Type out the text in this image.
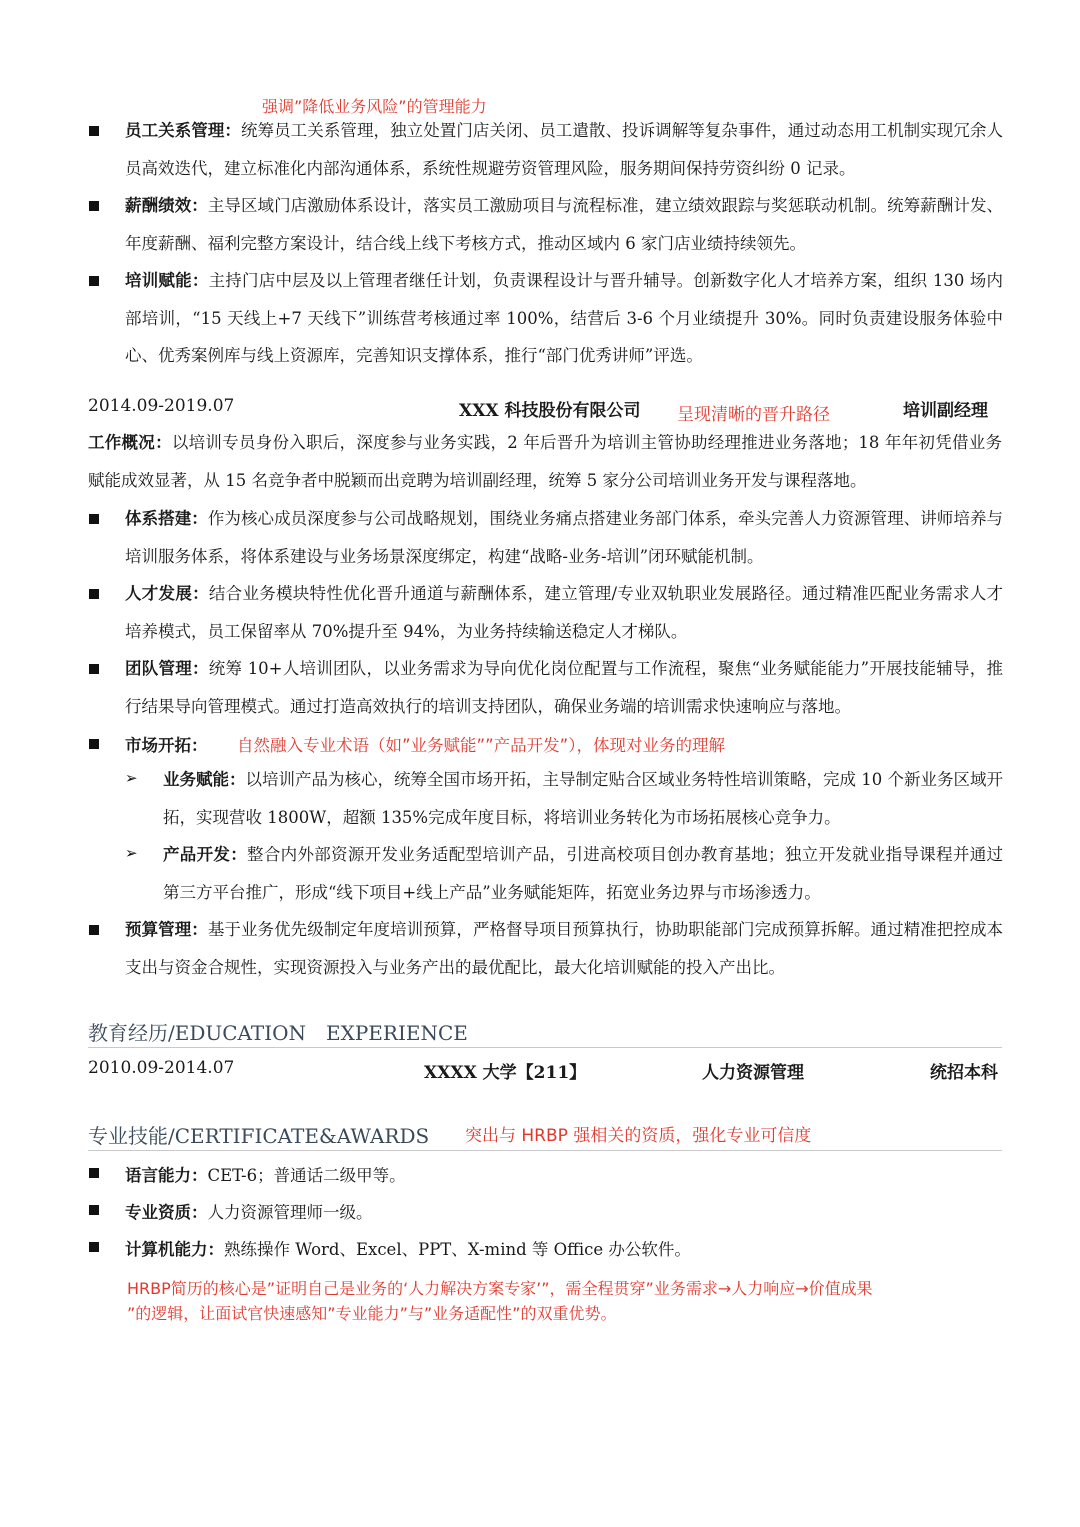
强调”降低业务风险”的管理能力
员工关系管理：统筹员工关系管理，独立处置门店关闭、员工遣散、投诉调解等复杂事件，通过动态用工机制实现冗余人员高效迭代，建立标准化内部沟通体系，系统性规避劳资管理风险，服务期间保持劳资纠纷 0 记录。
薪酬绩效：主导区域门店激励体系设计，落实员工激励项目与流程标准，建立绩效跟踪与奖惩联动机制。统筹薪酬计发、年度薪酬、福利完整方案设计，结合线上线下考核方式，推动区域内 6 家门店业绩持续领先。
培训赋能：主持门店中层及以上管理者继任计划，负责课程设计与晋升辅导。创新数字化人才培养方案，组织 130 场内部培训，“15 天线上+7 天线下”训练营考核通过率 100%，结营后 3-6 个月业绩提升 30%。同时负责建设服务体验中心、优秀案例库与线上资源库，完善知识支撑体系，推行“部门优秀讲师”评选。
2014.09-2019.07	XXX 科技股份有限公司 呈现清晰的晋升路径	培训副经理
工作概况：以培训专员身份入职后，深度参与业务实践，2 年后晋升为培训主管协助经理推进业务落地；18 年年初凭借业务赋能成效显著，从 15 名竞争者中脱颖而出竞聘为培训副经理，统筹 5 家分公司培训业务开发与课程落地。
体系搭建：作为核心成员深度参与公司战略规划，围绕业务痛点搭建业务部门体系，牵头完善人力资源管理、讲师培养与培训服务体系，将体系建设与业务场景深度绑定，构建“战略-业务-培训”闭环赋能机制。
人才发展：结合业务模块特性优化晋升通道与薪酬体系，建立管理/专业双轨职业发展路径。通过精准匹配业务需求人才培养模式，员工保留率从 70%提升至 94%，为业务持续输送稳定人才梯队。
团队管理：统筹 10+人培训团队，以业务需求为导向优化岗位配置与工作流程，聚焦“业务赋能能力”开展技能辅导，推行结果导向管理模式。通过打造高效执行的培训支持团队，确保业务端的培训需求快速响应与落地。
市场开拓： 自然融入专业术语（如”业务赋能””产品开发”），体现对业务的理解
➢ 业务赋能：以培训产品为核心，统筹全国市场开拓，主导制定贴合区域业务特性培训策略，完成 10 个新业务区域开拓，实现营收 1800W，超额 135%完成年度目标，将培训业务转化为市场拓展核心竞争力。
➢ 产品开发：整合内外部资源开发业务适配型培训产品，引进高校项目创办教育基地；独立开发就业指导课程并通过第三方平台推广，形成“线下项目+线上产品”业务赋能矩阵，拓宽业务边界与市场渗透力。
预算管理：基于业务优先级制定年度培训预算，严格督导项目预算执行，协助职能部门完成预算拆解。通过精准把控成本支出与资金合规性，实现资源投入与业务产出的最优配比，最大化培训赋能的投入产出比。
教育经历/EDUCATION　EXPERIENCE
2010.09-2014.07	XXXX 大学【211】	人力资源管理	统招本科
专业技能/CERTIFICATE&AWARDS 突出与 HRBP 强相关的资质，强化专业可信度
语言能力：CET-6；普通话二级甲等。
专业资质：人力资源管理师一级。
计算机能力：熟练操作 Word、Excel、PPT、X-mind 等 Office 办公软件。
HRBP简历的核心是”证明自己是业务的‘人力解决方案专家’”，需全程贯穿”业务需求→人力响应→价值成果
”的逻辑，让面试官快速感知”专业能力”与”业务适配性”的双重优势。
